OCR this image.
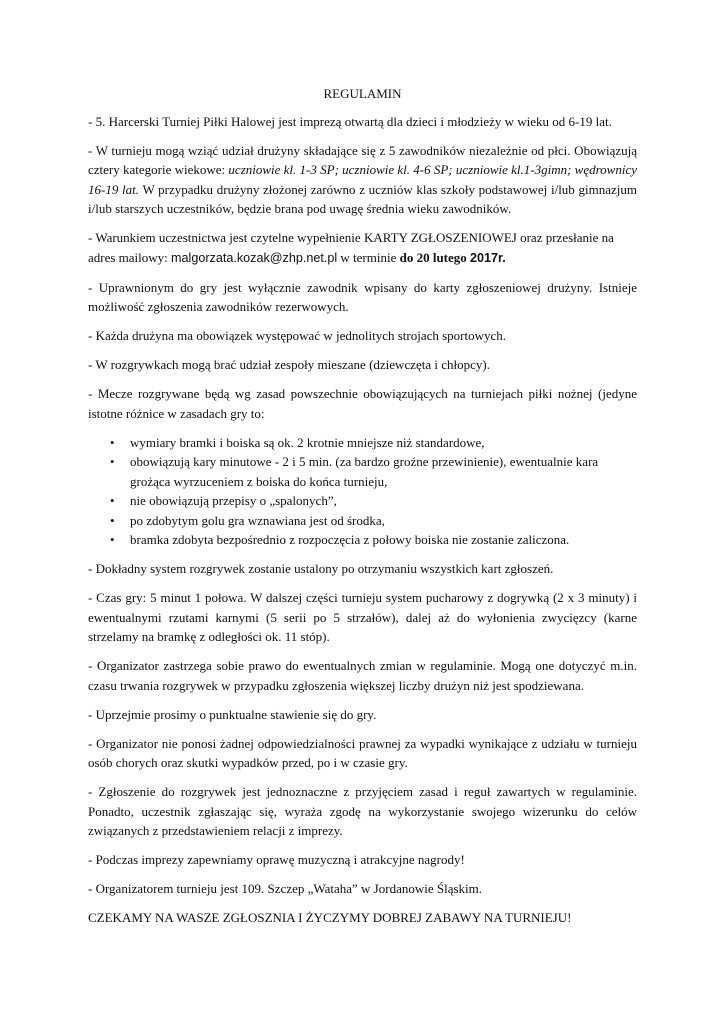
REGULAMIN

- 5. Harcerski Turniej Piłki Halowej jest imprezą otwartą dla dzieci i młodzieży w wieku od 6-19 lat.

- W turnieju mogą wziąć udział drużyny składające się z 5 zawodników niezależnie od płci. Obowiązują cztery kategorie wiekowe: uczniowie kl. 1-3 SP; uczniowie kl. 4-6 SP; uczniowie kl.1-3gimn; wędrownicy 16-19 lat. W przypadku drużyny złożonej zarówno z uczniów klas szkoły podstawowej i/lub gimnazjum i/lub starszych uczestników, będzie brana pod uwagę średnia wieku zawodników.

- Warunkiem uczestnictwa jest czytelne wypełnienie KARTY ZGŁOSZENIOWEJ oraz przesłanie na adres mailowy: malgorzata.kozak@zhp.net.pl w terminie do 20 lutego 2017r.

- Uprawnionym do gry jest wyłącznie zawodnik wpisany do karty zgłoszeniowej drużyny. Istnieje możliwość zgłoszenia zawodników rezerwowych.

- Każda drużyna ma obowiązek występować w jednolitych strojach sportowych.

- W rozgrywkach mogą brać udział zespoły mieszane (dziewczęta i chłopcy).

- Mecze rozgrywane będą wg zasad powszechnie obowiązujących na turniejach piłki nożnej (jedyne istotne różnice w zasadach gry to:

• wymiary bramki i boiska są ok. 2 krotnie mniejsze niż standardowe,
• obowiązują kary minutowe - 2 i 5 min. (za bardzo groźne przewinienie), ewentualnie kara grożąca wyrzuceniem z boiska do końca turnieju,
• nie obowiązują przepisy o „spalonych”,
• po zdobytym golu gra wznawiana jest od środka,
• bramka zdobyta bezpośrednio z rozpoczęcia z połowy boiska nie zostanie zaliczona.

- Dokładny system rozgrywek zostanie ustalony po otrzymaniu wszystkich kart zgłoszeń.

- Czas gry: 5 minut 1 połowa. W dalszej części turnieju system pucharowy z dogrywką (2 x 3 minuty) i ewentualnymi rzutami karnymi (5 serii po 5 strzałów), dalej aż do wyłonienia zwycięzcy (karne strzelamy na bramkę z odległości ok. 11 stóp).

- Organizator zastrzega sobie prawo do ewentualnych zmian w regulaminie. Mogą one dotyczyć m.in. czasu trwania rozgrywek w przypadku zgłoszenia większej liczby drużyn niż jest spodziewana.

- Uprzejmie prosimy o punktualne stawienie się do gry.

- Organizator nie ponosi żadnej odpowiedzialności prawnej za wypadki wynikające z udziału w turnieju osób chorych oraz skutki wypadków przed, po i w czasie gry.

- Zgłoszenie do rozgrywek jest jednoznaczne z przyjęciem zasad i reguł zawartych w regulaminie. Ponadto, uczestnik zgłaszając się, wyraża zgodę na wykorzystanie swojego wizerunku do celów związanych z przedstawieniem relacji z imprezy.

- Podczas imprezy zapewniamy oprawę muzyczną i atrakcyjne nagrody!

- Organizatorem turnieju jest 109. Szczep „Wataha” w Jordanowie Śląskim.

CZEKAMY NA WASZE ZGŁOSZNIA I ŻYCZYMY DOBREJ ZABAWY NA TURNIEJU!
